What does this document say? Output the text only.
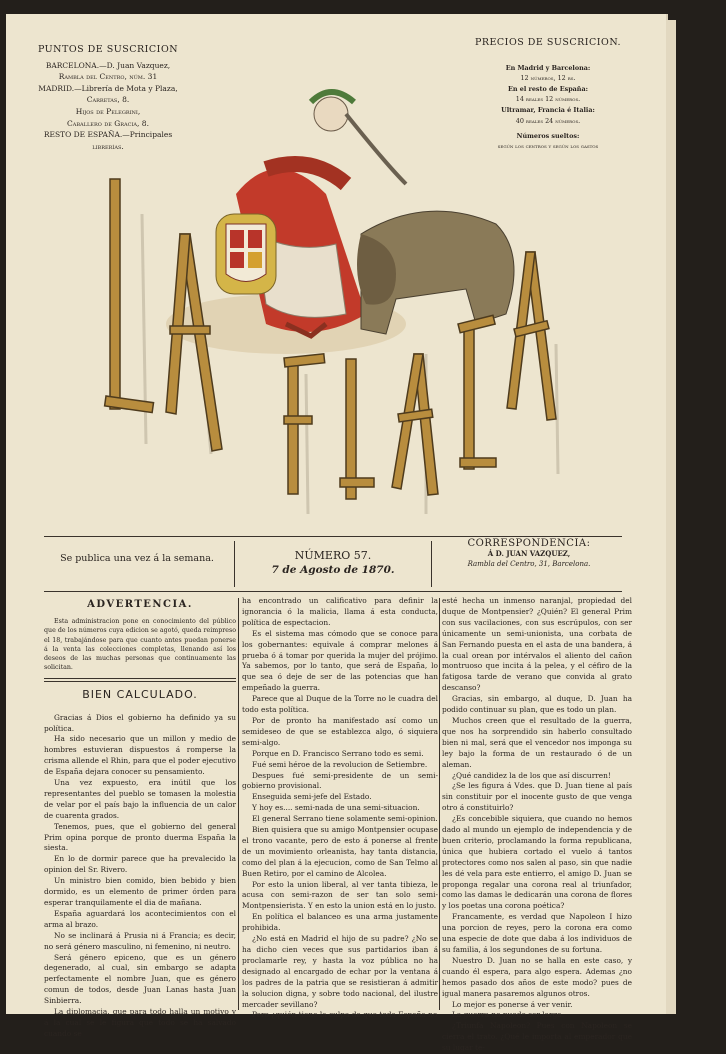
PUNTOS DE SUSCRICION
BARCELONA.—D. Juan Vazquez,
Rambla del Centro, núm. 31
MADRID.—Librería de Mota y Plaza,
Carretas, 8.
Hijos de Pelegrini,
Caballero de Gracia, 8.
RESTO DE ESPAÑA.—Principales
librerías.
PRECIOS DE SUSCRICION.
En Madrid y Barcelona:
12 números, 12 rs.
En el resto de España:
14 reales 12 números.
Ultramar, Francia é Italia:
40 reales 24 números.
Números sueltos:
según los centros y según los gastos
LA FLACA
Se publica una vez á la semana.	NÚMERO 57.
7 de Agosto de 1870.
CORRESPONDENCIA:
Á D. JUAN VAZQUEZ,
Rambla del Centro, 31, Barcelona.
ADVERTENCIA.

Esta administracion pone en conocimiento del público que de los números cuya edicion se agotó, queda reimpreso el 18, trabajándose para que cuanto antes puedan ponerse á la venta las colecciones completas, llenando así los deseos de las muchas personas que continuamente las solicitan.

BIEN CALCULADO.

Gracias á Dios el gobierno ha definido ya su política.

Ha sido necesario que un millon y medio de hombres estuvieran dispuestos á romperse la crisma allende el Rhin, para que el poder ejecutivo de España dejara conocer su pensamiento.

Una vez expuesto, era inútil que los representantes del pueblo se tomasen la molestia de velar por el país bajo la influencia de un calor de cuarenta grados.

Tenemos, pues, que el gobierno del general Prim opina porque de pronto duerma España la siesta.

En lo de dormir parece que ha prevalecido la opinion del Sr. Rivero.

Un ministro bien comido, bien bebido y bien dormido, es un elemento de primer órden para esperar tranquilamente el dia de mañana.

España aguardará los acontecimientos con el arma al brazo.

No se inclinará á Prusia ni á Francia; es decir, no será género masculino, ni femenino, ni neutro.

Será género epiceno, que es un género degenerado, al cual, sin embargo se adapta perfectamente el nombre Juan, que es género comun de todos, desde Juan Lanas hasta Juan Sinbierra.

La diplomacia, que para todo halla un motivo y á la cual se le figura que todo se ha salvado cuando se

ha encontrado un calificativo para definir la ignorancia ó la malicia, llama á esta conducta, política de espectacion.

Es el sistema mas cómodo que se conoce para los gobernantes: equivale á comprar melones á prueba ó á tomar por querida la mujer del prójimo. Ya sabemos, por lo tanto, que será de España, lo que sea ó deje de ser de las potencias que han empeñado la guerra.

Parece que al Duque de la Torre no le cuadra del todo esta política.

Por de pronto ha manifestado así como un semideseo de que se establezca algo, ó siquiera semi-algo.

Porque en D. Francisco Serrano todo es semi.

Fué semi héroe de la revolucion de Setiembre.

Despues fué semi-presidente de un semi-gobierno provisional.

Enseguida semi-jefe del Estado.

Y hoy es.... semi-nada de una semi-situacion.

El general Serrano tiene solamente semi-opinion.

Bien quisiera que su amigo Montpensier ocupase el trono vacante, pero de esto á ponerse al frente de un movimiento orleanista, hay tanta distancia, como del plan á la ejecucion, como de San Telmo al Buen Retiro, por el camino de Alcolea.

Por esto la union liberal, al ver tanta tibieza, le acusa con semi-razon de ser tan solo semi-Montpensierista. Y en esto la union está en lo justo.

En política el balanceo es una arma justamente prohibida.

¿No está en Madrid el hijo de su padre? ¿No se ha dicho cien veces que sus partidarios iban á proclamarle rey, y hasta la voz pública no ha designado al encargado de echar por la ventana á los padres de la patria que se resistieran á admitir la solucion digna, y sobre todo nacional, del ilustre mercader sevillano?

Pero ¿quién tiene la culpa de que toda España no

esté hecha un inmenso naranjal, propiedad del duque de Montpensier? ¿Quién? El general Prim con sus vacilaciones, con sus escrúpulos, con ser únicamente un semi-unionista, una corbata de San Fernando puesta en el asta de una bandera, á la cual orean por intérvalos el aliento del cañon montruoso que incita á la pelea, y el céfiro de la fatigosa tarde de verano que convida al grato descanso?

Gracias, sin embargo, al duque, D. Juan ha podido continuar su plan, que es todo un plan.

Muchos creen que el resultado de la guerra, que nos ha sorprendido sin haberlo consultado bien ni mal, será que el vencedor nos imponga su ley bajo la forma de un restaurado ó de un aleman.

¿Qué candidez la de los que así discurren!

¿Se les figura á Vdes. que D. Juan tiene al país sin constituir por el inocente gusto de que venga otro á constituirlo?

¿Es concebible siquiera, que cuando no hemos dado al mundo un ejemplo de independencia y de buen criterio, proclamando la forma republicana, única que hubiera cortado el vuelo á tantos protectores como nos salen al paso, sin que nadie les dé vela para este entierro, el amigo D. Juan se proponga regalar una corona real al triunfador, como las damas le dedicarán una corona de flores y los poetas una corona poética?

Francamente, es verdad que Napoleon I hizo una porcion de reyes, pero la corona era como una especie de dote que daba á los individuos de su familia, á los segundones de su fortuna.

Nuestro D. Juan no se halla en este caso, y cuando él espera, para algo espera. Ademas ¿no hemos pasado dos años de este modo? pues de igual manera pasaremos algunos otros.

Lo mejor es ponerse á ver venir.

La guerra no puede ser larga.

¿Triunfa Napoleon? Pues con Napoleon se cierra el trato. ¿Qué le importa al emperador que su lugar te-
